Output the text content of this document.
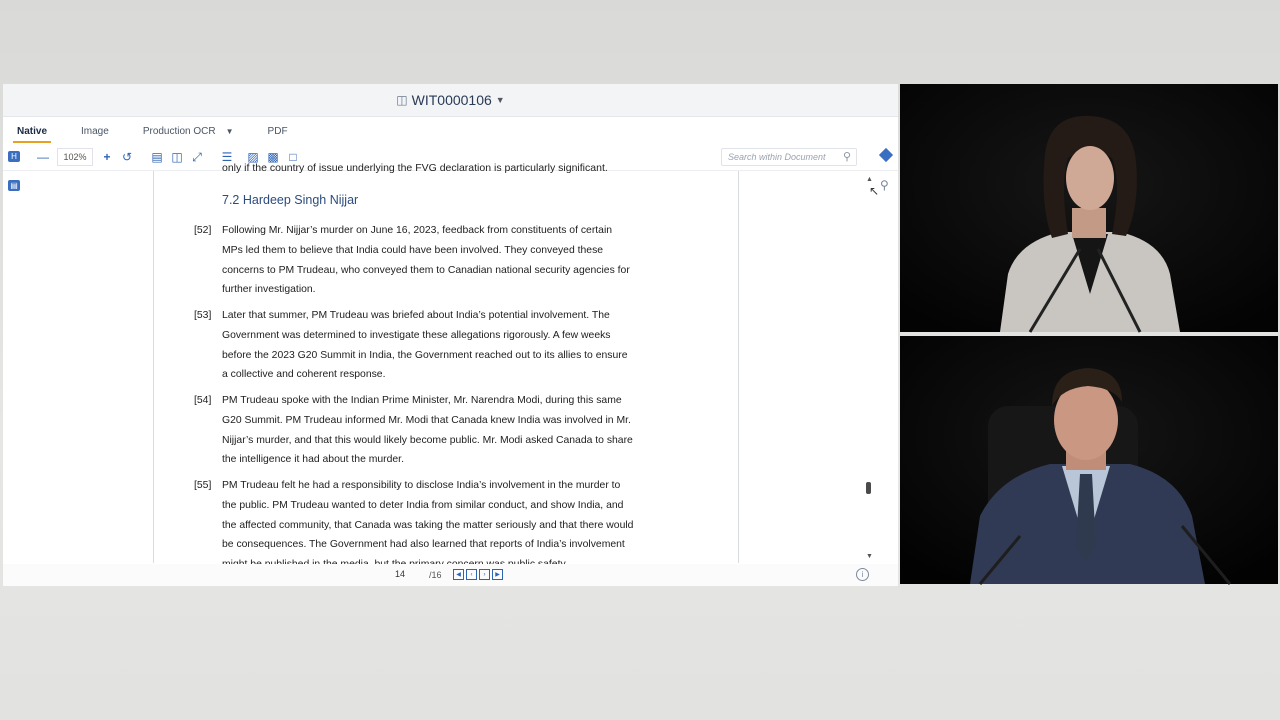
◫ WIT0000106 ▼
Native	Image	Production OCR ▼	PDF
—	102%	+ ↺ ▤ ◫ ⤢ ☰ ▨ ▩ □	Search within Document ⚲
H
▤	⚲
only if the country of issue underlying the FVG declaration is particularly significant.
7.2 Hardeep Singh Nijjar
[52] Following Mr. Nijjar’s murder on June 16, 2023, feedback from constituents of certain MPs led them to believe that India could have been involved. They conveyed these concerns to PM Trudeau, who conveyed them to Canadian national security agencies for further investigation.
[53] Later that summer, PM Trudeau was briefed about India’s potential involvement. The Government was determined to investigate these allegations rigorously. A few weeks before the 2023 G20 Summit in India, the Government reached out to its allies to ensure a collective and coherent response.
[54] PM Trudeau spoke with the Indian Prime Minister, Mr. Narendra Modi, during this same G20 Summit. PM Trudeau informed Mr. Modi that Canada knew India was involved in Mr. Nijjar’s murder, and that this would likely become public. Mr. Modi asked Canada to share the intelligence it had about the murder.
[55] PM Trudeau felt he had a responsibility to disclose India’s involvement in the murder to the public. PM Trudeau wanted to deter India from similar conduct, and show India, and the affected community, that Canada was taking the matter seriously and that there would be consequences. The Government had also learned that reports of India’s involvement
▲
▼
↖
14	/16	◀	‹	›	▶	i
